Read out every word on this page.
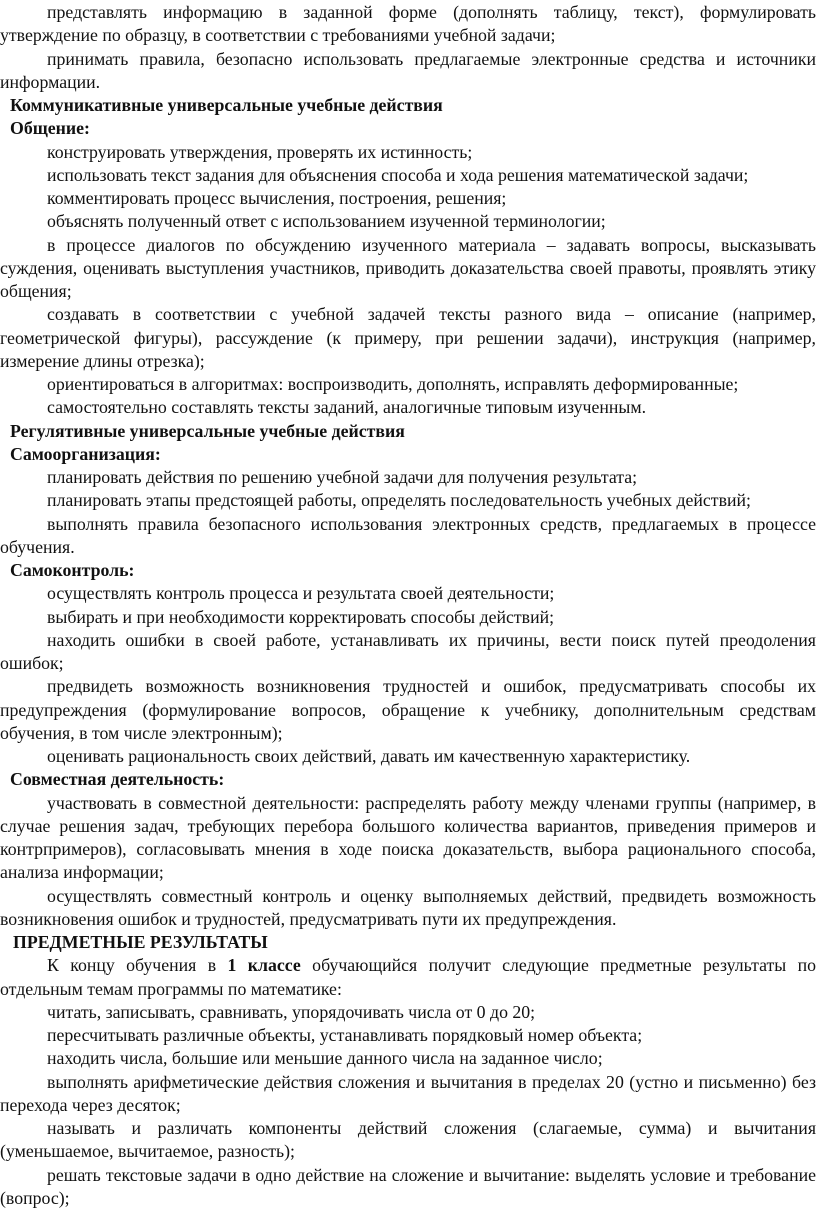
представлять информацию в заданной форме (дополнять таблицу, текст), формулировать утверждение по образцу, в соответствии с требованиями учебной задачи;

принимать правила, безопасно использовать предлагаемые электронные средства и источники информации.

Коммуникативные универсальные учебные действия

Общение:

конструировать утверждения, проверять их истинность;

использовать текст задания для объяснения способа и хода решения математической задачи;

комментировать процесс вычисления, построения, решения;

объяснять полученный ответ с использованием изученной терминологии;

в процессе диалогов по обсуждению изученного материала – задавать вопросы, высказывать суждения, оценивать выступления участников, приводить доказательства своей правоты, проявлять этику общения;

создавать в соответствии с учебной задачей тексты разного вида – описание (например, геометрической фигуры), рассуждение (к примеру, при решении задачи), инструкция (например, измерение длины отрезка);

ориентироваться в алгоритмах: воспроизводить, дополнять, исправлять деформированные;

самостоятельно составлять тексты заданий, аналогичные типовым изученным.

Регулятивные универсальные учебные действия

Самоорганизация:

планировать действия по решению учебной задачи для получения результата;

планировать этапы предстоящей работы, определять последовательность учебных действий;

выполнять правила безопасного использования электронных средств, предлагаемых в процессе обучения.

Самоконтроль:

осуществлять контроль процесса и результата своей деятельности;

выбирать и при необходимости корректировать способы действий;

находить ошибки в своей работе, устанавливать их причины, вести поиск путей преодоления ошибок;

предвидеть возможность возникновения трудностей и ошибок, предусматривать способы их предупреждения (формулирование вопросов, обращение к учебнику, дополнительным средствам обучения, в том числе электронным);

оценивать рациональность своих действий, давать им качественную характеристику.

Совместная деятельность:

участвовать в совместной деятельности: распределять работу между членами группы (например, в случае решения задач, требующих перебора большого количества вариантов, приведения примеров и контрпримеров), согласовывать мнения в ходе поиска доказательств, выбора рационального способа, анализа информации;

осуществлять совместный контроль и оценку выполняемых действий, предвидеть возможность возникновения ошибок и трудностей, предусматривать пути их предупреждения.

ПРЕДМЕТНЫЕ РЕЗУЛЬТАТЫ

К концу обучения в 1 классе обучающийся получит следующие предметные результаты по отдельным темам программы по математике:

читать, записывать, сравнивать, упорядочивать числа от 0 до 20;

пересчитывать различные объекты, устанавливать порядковый номер объекта;

находить числа, большие или меньшие данного числа на заданное число;

выполнять арифметические действия сложения и вычитания в пределах 20 (устно и письменно) без перехода через десяток;

называть и различать компоненты действий сложения (слагаемые, сумма) и вычитания (уменьшаемое, вычитаемое, разность);

решать текстовые задачи в одно действие на сложение и вычитание: выделять условие и требование (вопрос);
